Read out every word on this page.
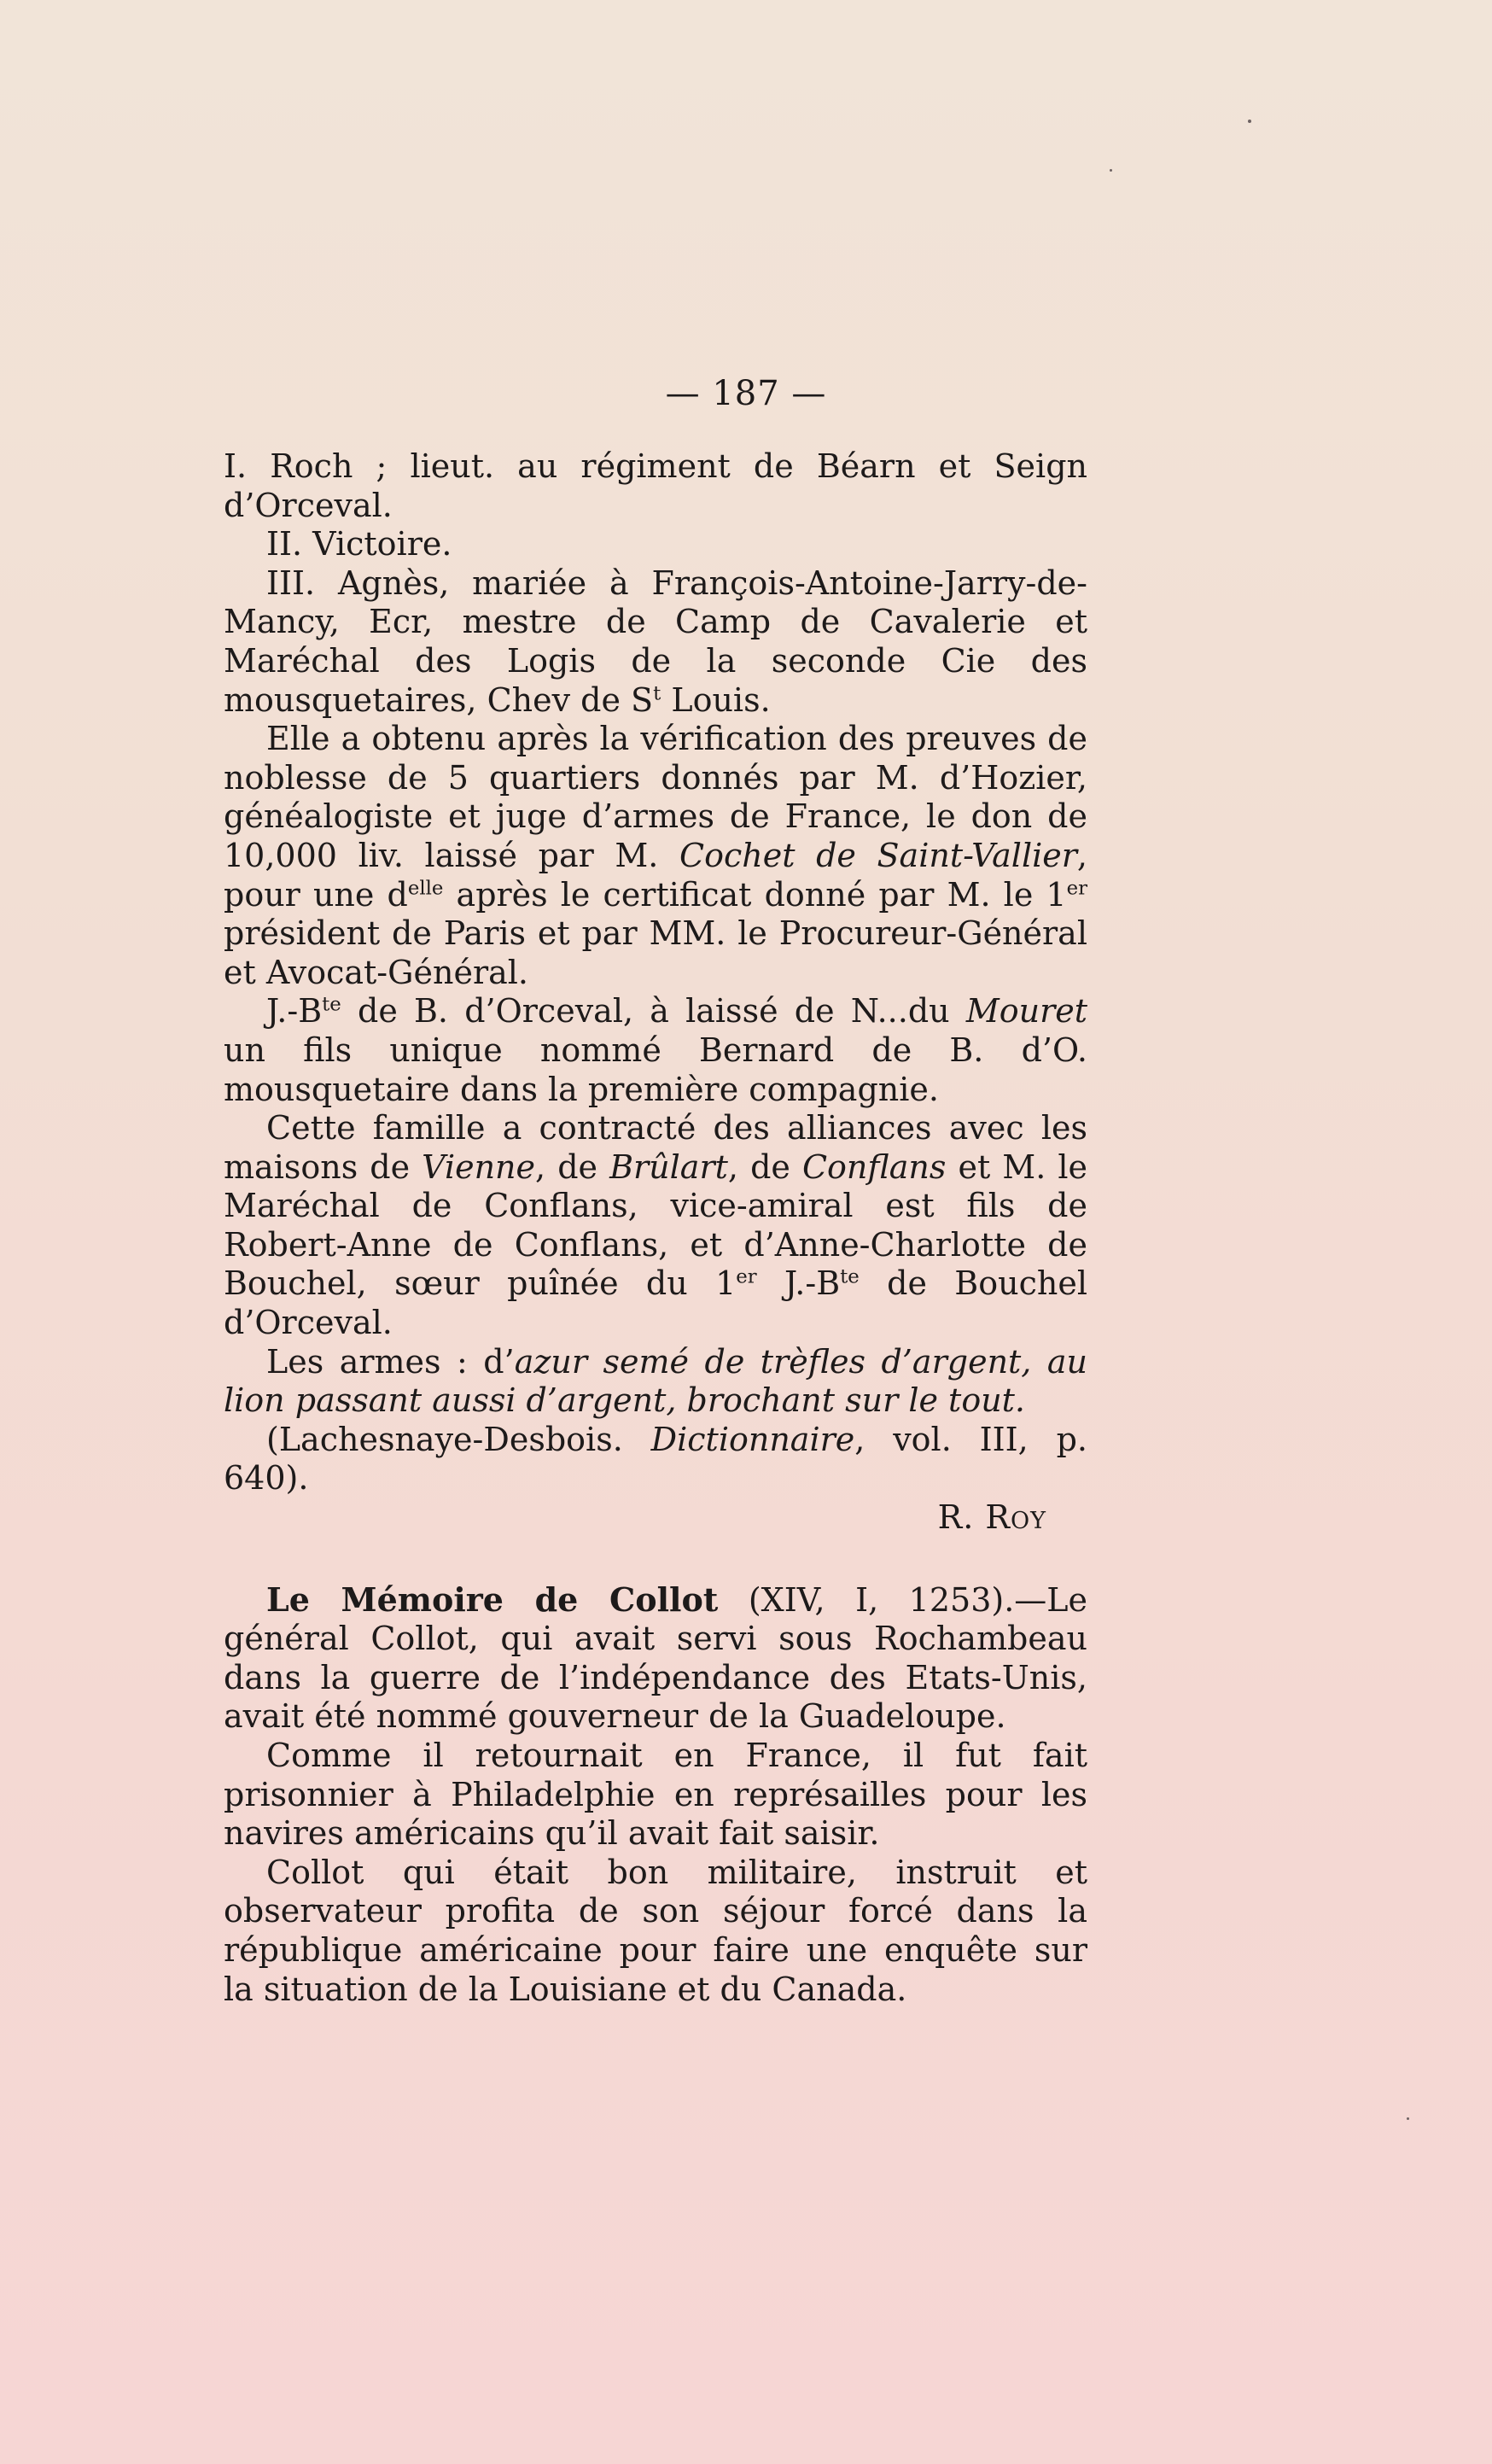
— 187 —

I. Roch ; lieut. au régiment de Béarn et Seign d’Orceval.

II. Victoire.

III. Agnès, mariée à François-Antoine-Jarry-de-Mancy, Ecr, mestre de Camp de Cavalerie et Maréchal des Logis de la seconde Cie des mousquetaires, Chev de $S^t$ Louis.

Elle a obtenu après la vérification des preuves de noblesse de 5 quartiers donnés par M. d’Hozier, généalogiste et juge d’armes de France, le don de 10,000 liv. laissé par M. Cochet de Saint-Vallier, pour une $d^{elle}$ après le certificat donné par M. le 1er président de Paris et par MM. le Procureur-Général et Avocat-Général.

$J.-B^{te}$ de B. d’Orceval, à laissé de N...du Mouret un fils unique nommé Bernard de B. d’O. mousquetaire dans la première compagnie.

Cette famille a contracté des alliances avec les maisons de Vienne, de Brûlart, de Conflans et M. le Maréchal de Conflans, vice-amiral est fils de Robert-Anne de Conflans, et d’Anne-Charlotte de Bouchel, sœur puînée du 1er $J.-B^{te}$ de Bouchel d’Orceval.

Les armes : d’azur semé de trèfles d’argent, au lion passant aussi d’argent, brochant sur le tout.

(Lachesnaye-Desbois. Dictionnaire, vol. III, p. 640).

R. Roy

Le Mémoire de Collot (XIV, I, 1253).—Le général Collot, qui avait servi sous Rochambeau dans la guerre de l’indépendance des Etats-Unis, avait été nommé gouverneur de la Guadeloupe.

Comme il retournait en France, il fut fait prisonnier à Philadelphie en représailles pour les navires américains qu’il avait fait saisir.

Collot qui était bon militaire, instruit et observateur profita de son séjour forcé dans la république américaine pour faire une enquête sur la situation de la Louisiane et du Canada.
